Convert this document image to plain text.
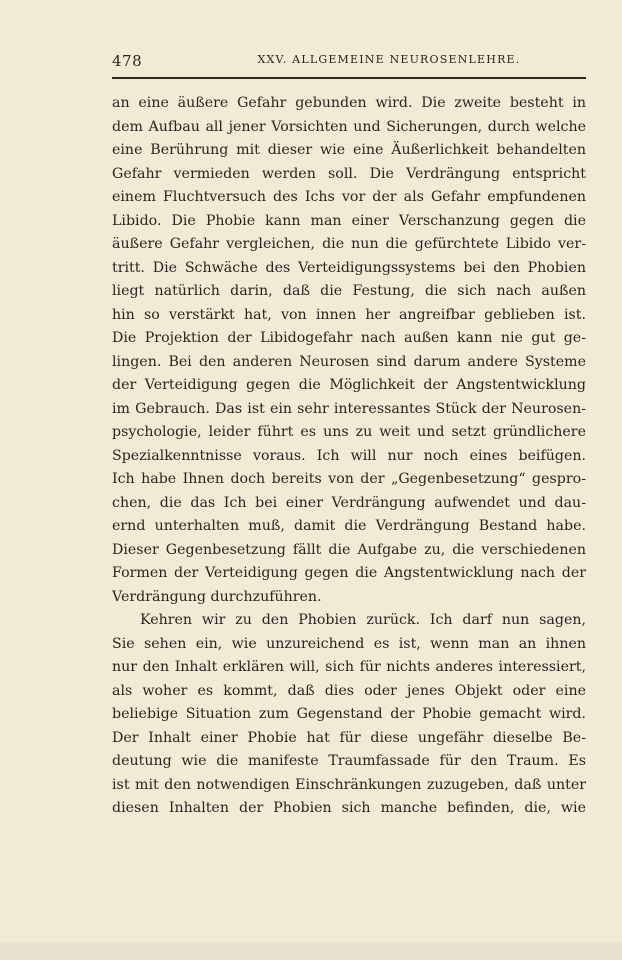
478	XXV. ALLGEMEINE NEUROSENLEHRE.
an eine äußere Gefahr gebunden wird. Die zweite besteht in
dem Aufbau all jener Vorsichten und Sicherungen, durch welche
eine Berührung mit dieser wie eine Äußerlichkeit behandelten
Gefahr vermieden werden soll. Die Verdrängung entspricht
einem Fluchtversuch des Ichs vor der als Gefahr empfundenen
Libido. Die Phobie kann man einer Verschanzung gegen die
äußere Gefahr vergleichen, die nun die gefürchtete Libido ver-
tritt. Die Schwäche des Verteidigungssystems bei den Phobien
liegt natürlich darin, daß die Festung, die sich nach außen
hin so verstärkt hat, von innen her angreifbar geblieben ist.
Die Projektion der Libidogefahr nach außen kann nie gut ge-
lingen. Bei den anderen Neurosen sind darum andere Systeme
der Verteidigung gegen die Möglichkeit der Angstentwicklung
im Gebrauch. Das ist ein sehr interessantes Stück der Neurosen-
psychologie, leider führt es uns zu weit und setzt gründlichere
Spezialkenntnisse voraus. Ich will nur noch eines beifügen.
Ich habe Ihnen doch bereits von der „Gegenbesetzung“ gespro-
chen, die das Ich bei einer Verdrängung aufwendet und dau-
ernd unterhalten muß, damit die Verdrängung Bestand habe.
Dieser Gegenbesetzung fällt die Aufgabe zu, die verschiedenen
Formen der Verteidigung gegen die Angstentwicklung nach der
Verdrängung durchzuführen.
Kehren wir zu den Phobien zurück. Ich darf nun sagen,
Sie sehen ein, wie unzureichend es ist, wenn man an ihnen
nur den Inhalt erklären will, sich für nichts anderes interessiert,
als woher es kommt, daß dies oder jenes Objekt oder eine
beliebige Situation zum Gegenstand der Phobie gemacht wird.
Der Inhalt einer Phobie hat für diese ungefähr dieselbe Be-
deutung wie die manifeste Traumfassade für den Traum. Es
ist mit den notwendigen Einschränkungen zuzugeben, daß unter
diesen Inhalten der Phobien sich manche befinden, die, wie
